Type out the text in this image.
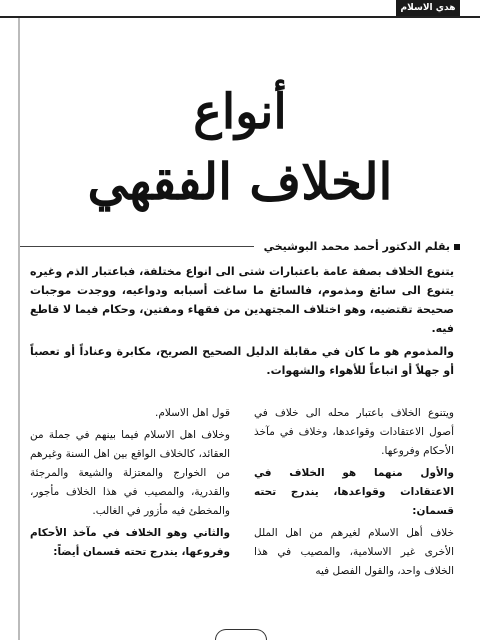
هدي الاسلام
أنواع
الخلاف الفقهي
بقلم الدكتور أحمد محمد البوشيخي

يتنوع الخلاف بصفة عامة باعتبارات شتى الى انواع مختلفة، فباعتبار الذم وغيره يتنوع الى سائغ ومذموم، فالسائغ ما ساغت أسبابه ودواعيه، ووجدت موجبات صحيحة تقتضيه، وهو اختلاف المجتهدين من فقهاء ومفتين، وحكام فيما لا قاطع فيه.

والمذموم هو ما كان في مقابلة الدليل الصحيح الصريح، مكابرة وعناداً أو تعصباً أو جهلاً أو اتباعاً للأهواء والشهوات.

ويتنوع الخلاف باعتبار محله الى خلاف في أصول الاعتقادات وقواعدها، وخلاف في مآخذ الأحكام وفروعها.

والأول منهما هو الخلاف في الاعتقادات وقواعدها، يندرج تحته قسمان:

خلاف أهل الاسلام لغيرهم من اهل الملل الأخرى غير الاسلامية، والمصيب في هذا الخلاف واحد، والقول الفصل فيه

قول اهل الاسلام.

وخلاف اهل الاسلام فيما بينهم في جملة من العقائد، كالخلاف الواقع بين اهل السنة وغيرهم من الخوارج والمعتزلة والشيعة والمرجئة والقدرية، والمصيب في هذا الخلاف مأجور، والمخطئ فيه مأزور في الغالب.

والثاني وهو الخلاف في مآخذ الأحكام وفروعها، يندرج تحته قسمان أيضاً:
